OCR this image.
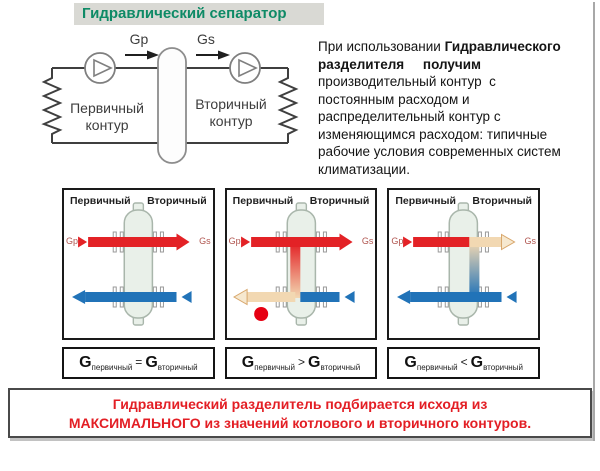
Гидравлический сепаратор
Gp	Gs
Первичный контур
Вторичный контур
При использовании Гидравлического
разделителя     получим
производительный контур  с
постоянным расходом и
распределительный контур с
изменяющимся расходом: типичные
рабочие условия современных систем
климатизации.
Первичный Вторичный
Gp	Gs
Первичный Вторичный
Gp	Gs
Первичный Вторичный
Gp	Gs
$G_{первичный} = G_{вторичный}$	$G_{первичный} > G_{вторичный}$	$G_{первичный} < G_{вторичный}$
Гидравлический разделитель подбирается исходя из
МАКСИМАЛЬНОГО из значений котлового и вторичного контуров.
